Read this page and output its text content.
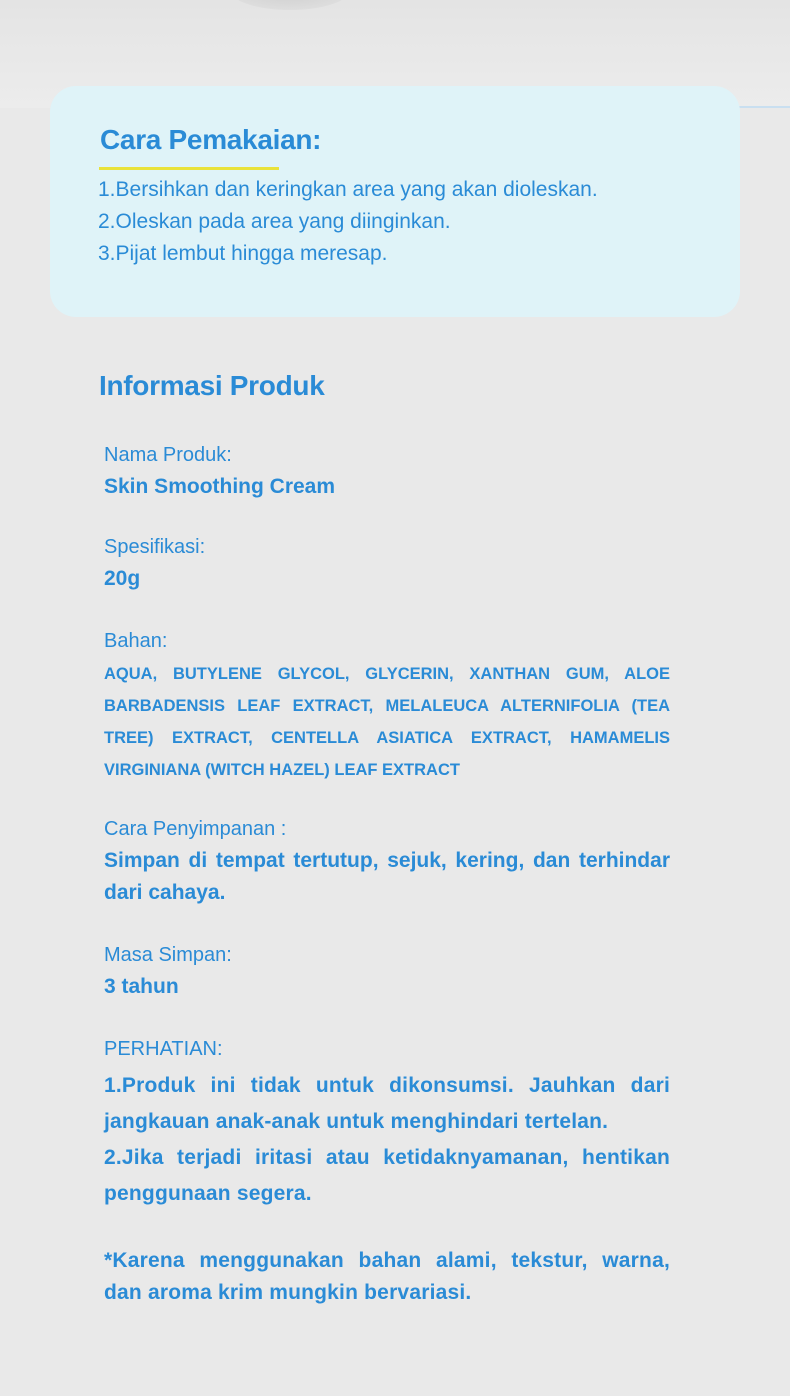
Cara Pemakaian:
1.Bersihkan dan keringkan area yang akan dioleskan.
2.Oleskan pada area yang diinginkan.
3.Pijat lembut hingga meresap.
Informasi Produk
Nama Produk:
Skin Smoothing Cream
Spesifikasi:
20g
Bahan:

AQUA, BUTYLENE GLYCOL, GLYCERIN, XANTHAN GUM, ALOE BARBADENSIS LEAF EXTRACT, MELALEUCA ALTERNIFOLIA (TEA TREE) EXTRACT, CENTELLA ASIATICA EXTRACT, HAMAMELIS VIRGINIANA (WITCH HAZEL) LEAF EXTRACT

Cara Penyimpanan :

Simpan di tempat tertutup, sejuk, kering, dan terhindar dari cahaya.

Masa Simpan:
3 tahun
PERHATIAN:
1.Produk ini tidak untuk dikonsumsi. Jauhkan dari jangkauan anak-anak untuk menghindari tertelan.
2.Jika terjadi iritasi atau ketidaknyamanan, hentikan penggunaan segera.

*Karena menggunakan bahan alami, tekstur, warna, dan aroma krim mungkin bervariasi.
